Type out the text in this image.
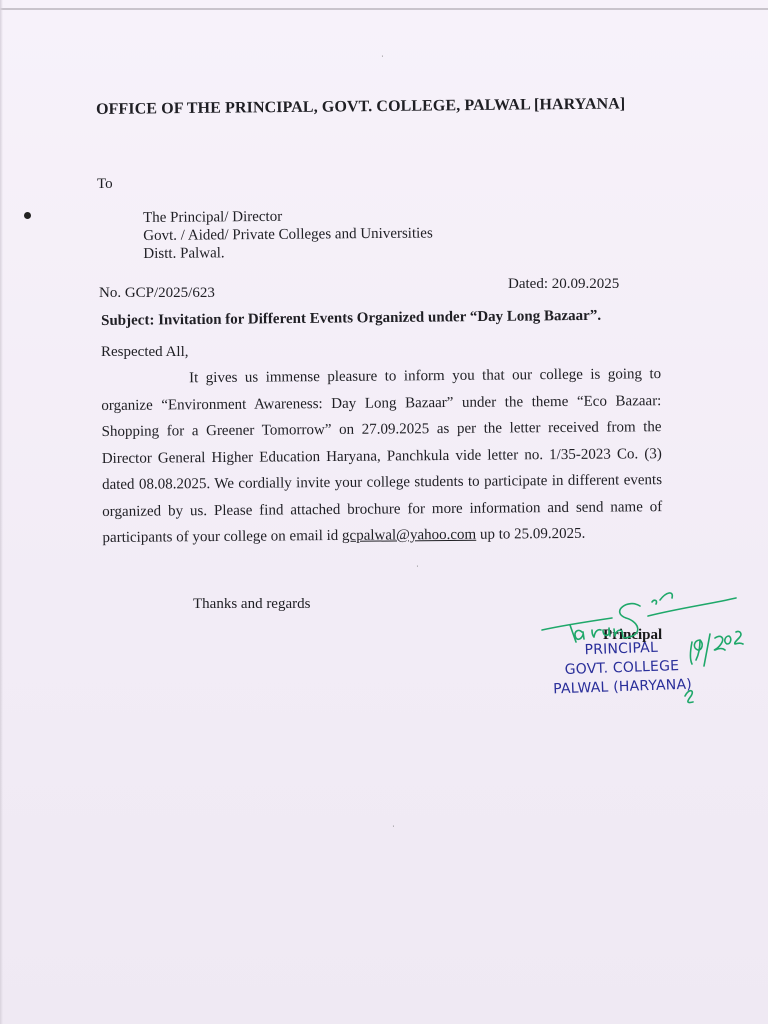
⋅
⋅
⋅
OFFICE OF THE PRINCIPAL, GOVT. COLLEGE, PALWAL [HARYANA]
To
The Principal/ Director
Govt. / Aided/ Private Colleges and Universities
Distt. Palwal.
No. GCP/2025/623
Dated: 20.09.2025
Subject: Invitation for Different Events Organized under “Day Long Bazaar”.
Respected All,
It gives us immense pleasure to inform you that our college is going to organize “Environment Awareness: Day Long Bazaar” under the theme “Eco Bazaar: Shopping for a Greener Tomorrow” on 27.09.2025 as per the letter received from the Director General Higher Education Haryana, Panchkula vide letter no. 1/35-2023 Co. (3) dated 08.08.2025. We cordially invite your college students to participate in different events organized by us. Please find attached brochure for more information and send name of participants of your college on email id gcpalwal@yahoo.com up to 25.09.2025.
Thanks and regards
PRINCIPAL
GOVT. COLLEGE
PALWAL (HARYANA)
Principal
